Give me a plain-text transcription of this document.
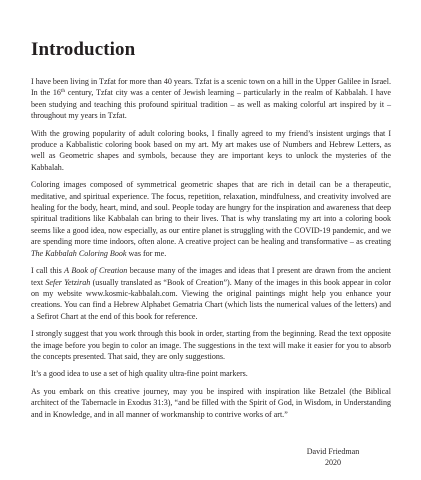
Introduction

I have been living in Tzfat for more than 40 years. Tzfat is a scenic town on a hill in the Upper Galilee in Israel. In the 16th century, Tzfat city was a center of Jewish learning – particularly in the realm of Kabbalah. I have been studying and teaching this profound spiritual tradition – as well as making colorful art inspired by it – throughout my years in Tzfat.

With the growing popularity of adult coloring books, I finally agreed to my friend’s insistent urgings that I produce a Kabbalistic coloring book based on my art. My art makes use of Numbers and Hebrew Letters, as well as Geometric shapes and symbols, because they are important keys to unlock the mysteries of the Kabbalah.

Coloring images composed of symmetrical geometric shapes that are rich in detail can be a therapeutic, meditative, and spiritual experience. The focus, repetition, relaxation, mindfulness, and creativity involved are healing for the body, heart, mind, and soul. People today are hungry for the inspiration and awareness that deep spiritual traditions like Kabbalah can bring to their lives. That is why translating my art into a coloring book seems like a good idea, now especially, as our entire planet is struggling with the COVID-19 pandemic, and we are spending more time indoors, often alone. A creative project can be healing and transformative – as creating The Kabbalah Coloring Book was for me.

I call this A Book of Creation because many of the images and ideas that I present are drawn from the ancient text Sefer Yetzirah (usually translated as “Book of Creation”). Many of the images in this book appear in color on my website www.kosmic-kabbalah.com. Viewing the original paintings might help you enhance your creations. You can find a Hebrew Alphabet Gematria Chart (which lists the numerical values of the letters) and a Sefirot Chart at the end of this book for reference.

I strongly suggest that you work through this book in order, starting from the beginning. Read the text opposite the image before you begin to color an image. The suggestions in the text will make it easier for you to absorb the concepts presented. That said, they are only suggestions.

It’s a good idea to use a set of high quality ultra-fine point markers.

As you embark on this creative journey, may you be inspired with inspiration like Betzalel (the Biblical architect of the Tabernacle in Exodus 31:3), “and be filled with the Spirit of God, in Wisdom, in Understanding and in Knowledge, and in all manner of workmanship to contrive works of art.”

David Friedman
2020
